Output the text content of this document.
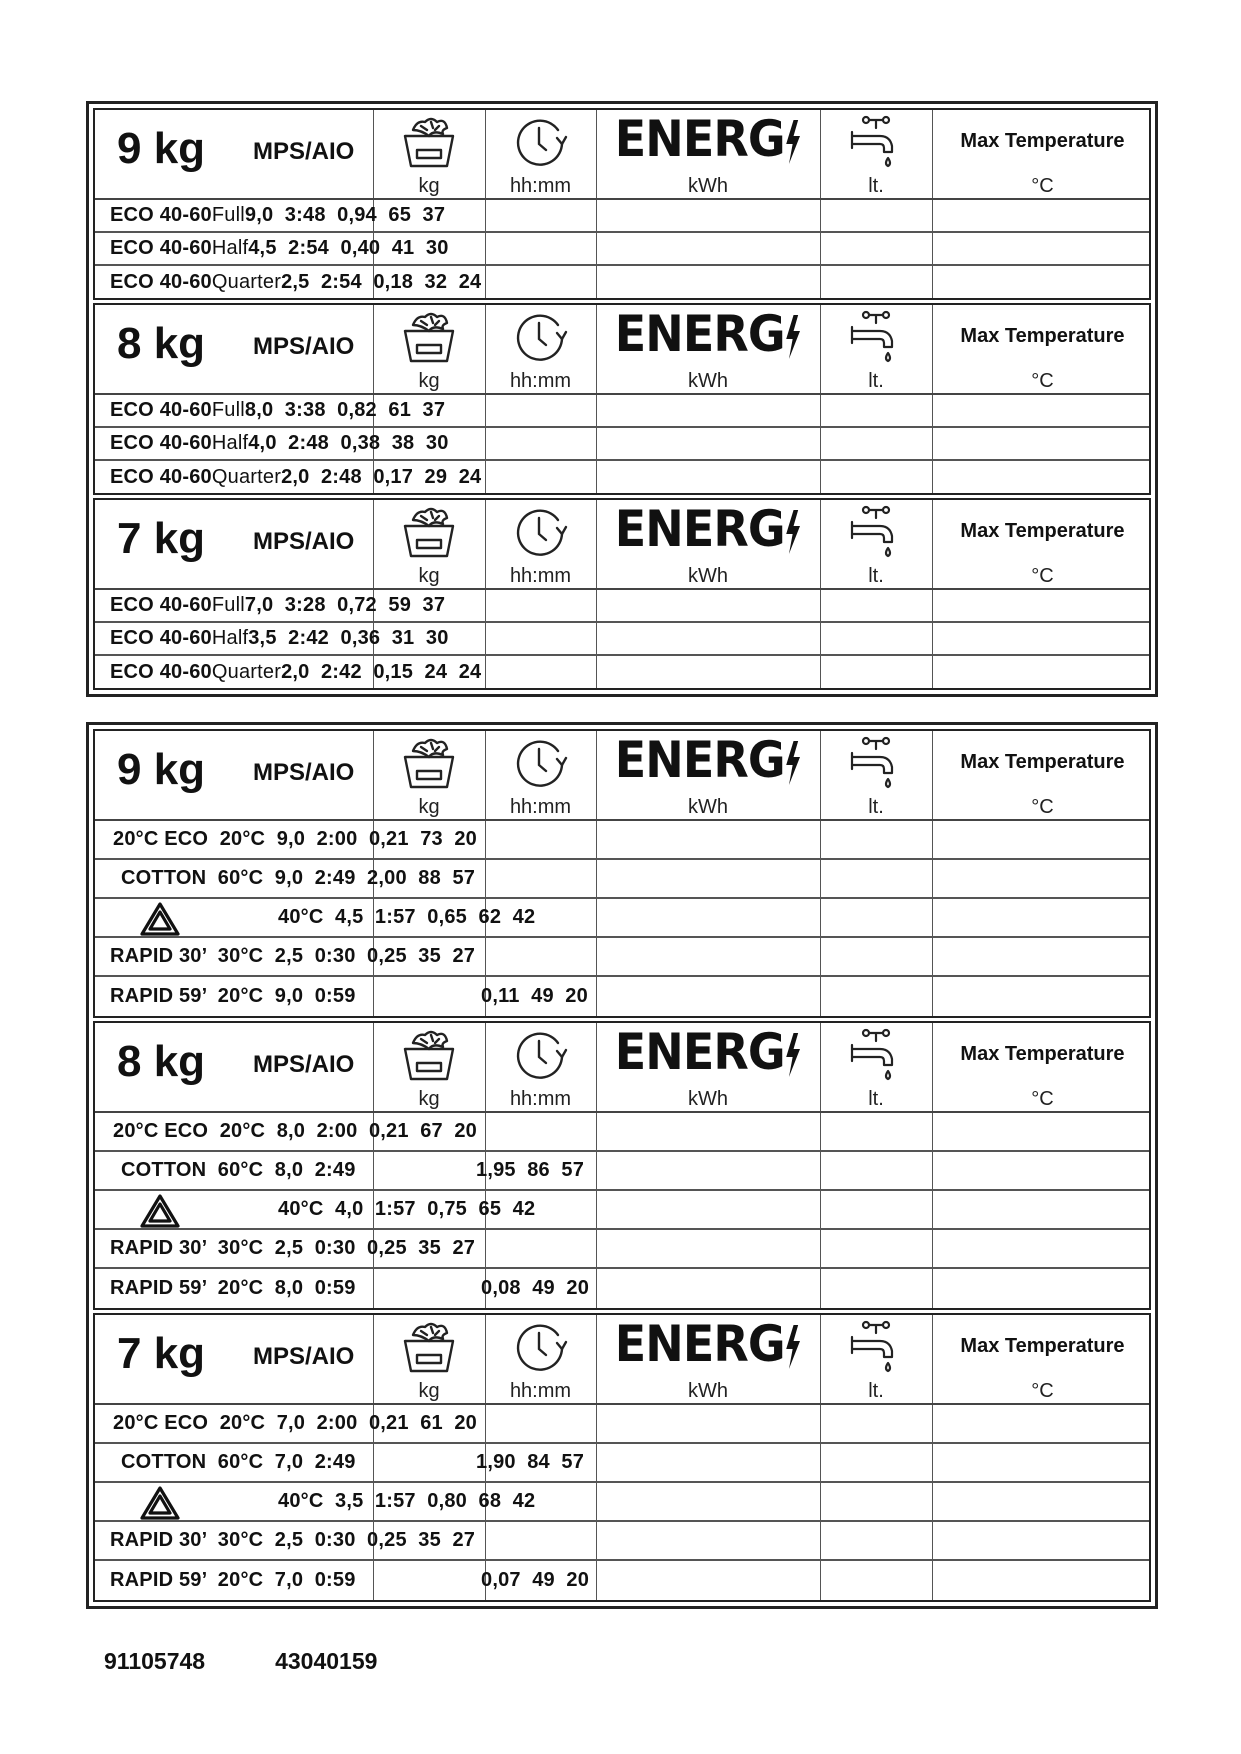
9 kg MPS/AIO
kg	hh:mm	kWh
ENERG
lt.	°C
Max Temperature
ECO 40-60 Full 9,0  3:48  0,94  65  37
ECO 40-60 Half 4,5  2:54  0,40  41  30
ECO 40-60 Quarter 2,5  2:54  0,18  32  24
8 kg MPS/AIO
kg	hh:mm	kWh
ENERG
lt.	°C
Max Temperature
ECO 40-60 Full 8,0  3:38  0,82  61  37
ECO 40-60 Half 4,0  2:48  0,38  38  30
ECO 40-60 Quarter 2,0  2:48  0,17  29  24
7 kg MPS/AIO
kg	hh:mm	kWh
ENERG
lt.	°C
Max Temperature
ECO 40-60 Full 7,0  3:28  0,72  59  37
ECO 40-60 Half 3,5  2:42  0,36  31  30
ECO 40-60 Quarter 2,0  2:42  0,15  24  24
9 kg MPS/AIO
kg	hh:mm	kWh
ENERG
lt.	°C
Max Temperature
20°C ECO  20°C  9,0  2:00  0,21  73  20
COTTON  60°C  9,0  2:49  2,00  88  57
40°C  4,5  1:57  0,65  62  42
RAPID 30’  30°C  2,5  0:30  0,25  35  27
RAPID 59’  20°C  9,0  0:59	0,11  49  20
8 kg MPS/AIO
kg	hh:mm	kWh
ENERG
lt.	°C
Max Temperature
20°C ECO  20°C  8,0  2:00  0,21  67  20
COTTON  60°C  8,0  2:49	1,95  86  57
40°C  4,0  1:57  0,75  65  42
RAPID 30’  30°C  2,5  0:30  0,25  35  27
RAPID 59’  20°C  8,0  0:59	0,08  49  20
7 kg MPS/AIO
kg	hh:mm	kWh
ENERG
lt.	°C
Max Temperature
20°C ECO  20°C  7,0  2:00  0,21  61  20
COTTON  60°C  7,0  2:49	1,90  84  57
40°C  3,5  1:57  0,80  68  42
RAPID 30’  30°C  2,5  0:30  0,25  35  27
RAPID 59’  20°C  7,0  0:59	0,07  49  20
91105748	43040159
